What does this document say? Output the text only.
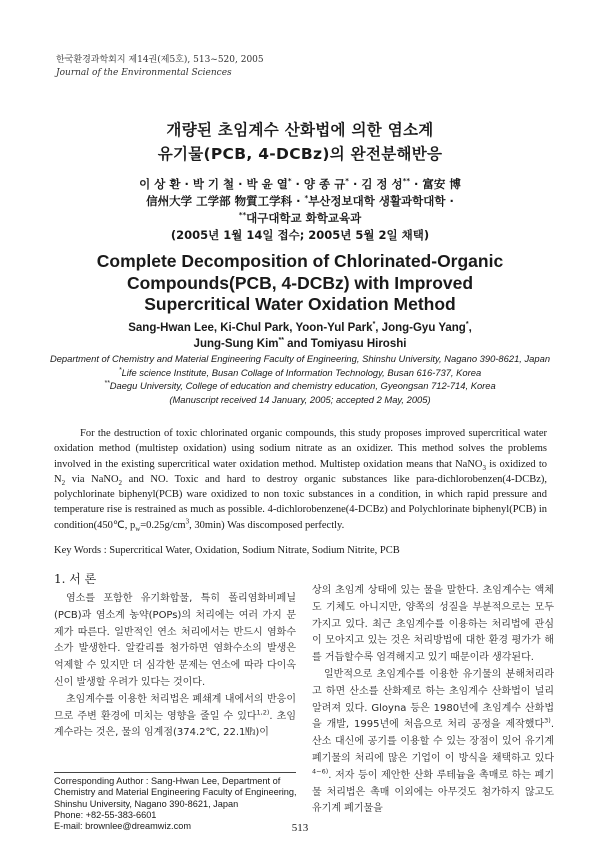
한국환경과학회지 제14권(제5호), 513~520, 2005
Journal of the Environmental Sciences
개량된 초임계수 산화법에 의한 염소계
유기물(PCB, 4-DCBz)의 완전분해반응
이 상 환 · 박 기 철 · 박 윤 열* · 양 종 규* · 김 정 성** · 富安 博
信州大学 工学部 物質工学科 · *부산정보대학 생활과학대학 ·
**대구대학교 화학교육과
(2005년 1월 14일 접수; 2005년 5월 2일 채택)
Complete Decomposition of Chlorinated-Organic
Compounds(PCB, 4-DCBz) with Improved
Supercritical Water Oxidation Method
Sang-Hwan Lee, Ki-Chul Park, Yoon-Yul Park*, Jong-Gyu Yang*,
Jung-Sung Kim** and Tomiyasu Hiroshi
Department of Chemistry and Material Engineering Faculty of Engineering, Shinshu University, Nagano 390-8621, Japan
*Life science Institute, Busan Collage of Information Technology, Busan 616-737, Korea
**Daegu University, College of education and chemistry education, Gyeongsan 712-714, Korea
(Manuscript received 14 January, 2005; accepted 2 May, 2005)

For the destruction of toxic chlorinated organic compounds, this study proposes improved supercritical water oxidation method (multistep oxidation) using sodium nitrate as an oxidizer. This method solves the problems involved in the existing supercritical water oxidation method. Multistep oxidation means that NaNO$_3$ is oxidized to $N_2$ via NaNO$_2$ and NO. Toxic and hard to destroy organic substances like para-dichlorobenzen(4-DCBz), polychlorinate biphenyl(PCB) ware oxidized to non toxic substances in a condition, in which rapid pressure and temperature rise is restrained as much as possible. 4-dichlorobenzene(4-DCBz) and Polychlorinate biphenyl(PCB) in condition(450℃, $p_w=0.25g/cm^3$, 30min) Was discomposed perfectly.

Key Words : Supercritical Water, Oxidation, Sodium Nitrate, Sodium Nitrite, PCB
1. 서 론

염소를 포함한 유기화합물, 특히 폴리염화비페닐(PCB)과 염소계 농약(POPs)의 처리에는 여러 가지 문제가 따른다. 일반적인 연소 처리에서는 반드시 염화수소가 발생한다. 알칼리를 첨가하면 염화수소의 발생은 억제할 수 있지만 더 심각한 문제는 연소에 따라 다이옥신이 발생할 우려가 있다는 것이다.

초임계수를 이용한 처리법은 폐쇄계 내에서의 반응이므로 주변 환경에 미치는 영향을 줄일 수 있다$^{1,2)}$. 초임계수라는 것은, 물의 임계점(374.2℃, 22.1㎫)이

상의 초임계 상태에 있는 물을 말한다. 초임계수는 액체도 기체도 아니지만, 양쪽의 성질을 부분적으로는 모두 가지고 있다. 최근 초임계수를 이용하는 처리법에 관심이 모아지고 있는 것은 처리방법에 대한 환경 평가가 해를 거듭할수록 엄격해지고 있기 때문이라 생각된다.

일반적으로 초임계수를 이용한 유기물의 분해처리라고 하면 산소를 산화제로 하는 초임계수 산화법이 널리 알려져 있다. Gloyna 등은 1980년에 초임계수 산화법을 개발, 1995년에 처음으로 처리 공정을 제작했다$^{3)}$. 산소 대신에 공기를 이용할 수 있는 장점이 있어 유기계 폐기물의 처리에 많은 기업이 이 방식을 채택하고 있다$^{4\sim 6)}$. 저자 등이 제안한 산화 루테늄을 촉매로 하는 폐기물 처리법은 촉매 이외에는 아무것도 첨가하지 않고도 유기계 폐기물을

Corresponding Author : Sang-Hwan Lee, Department of
Chemistry and Material Engineering Faculty of Engineering,
Shinshu University, Nagano 390-8621, Japan
Phone: +82-55-383-6601
E-mail: brownlee@dreamwiz.com	513
